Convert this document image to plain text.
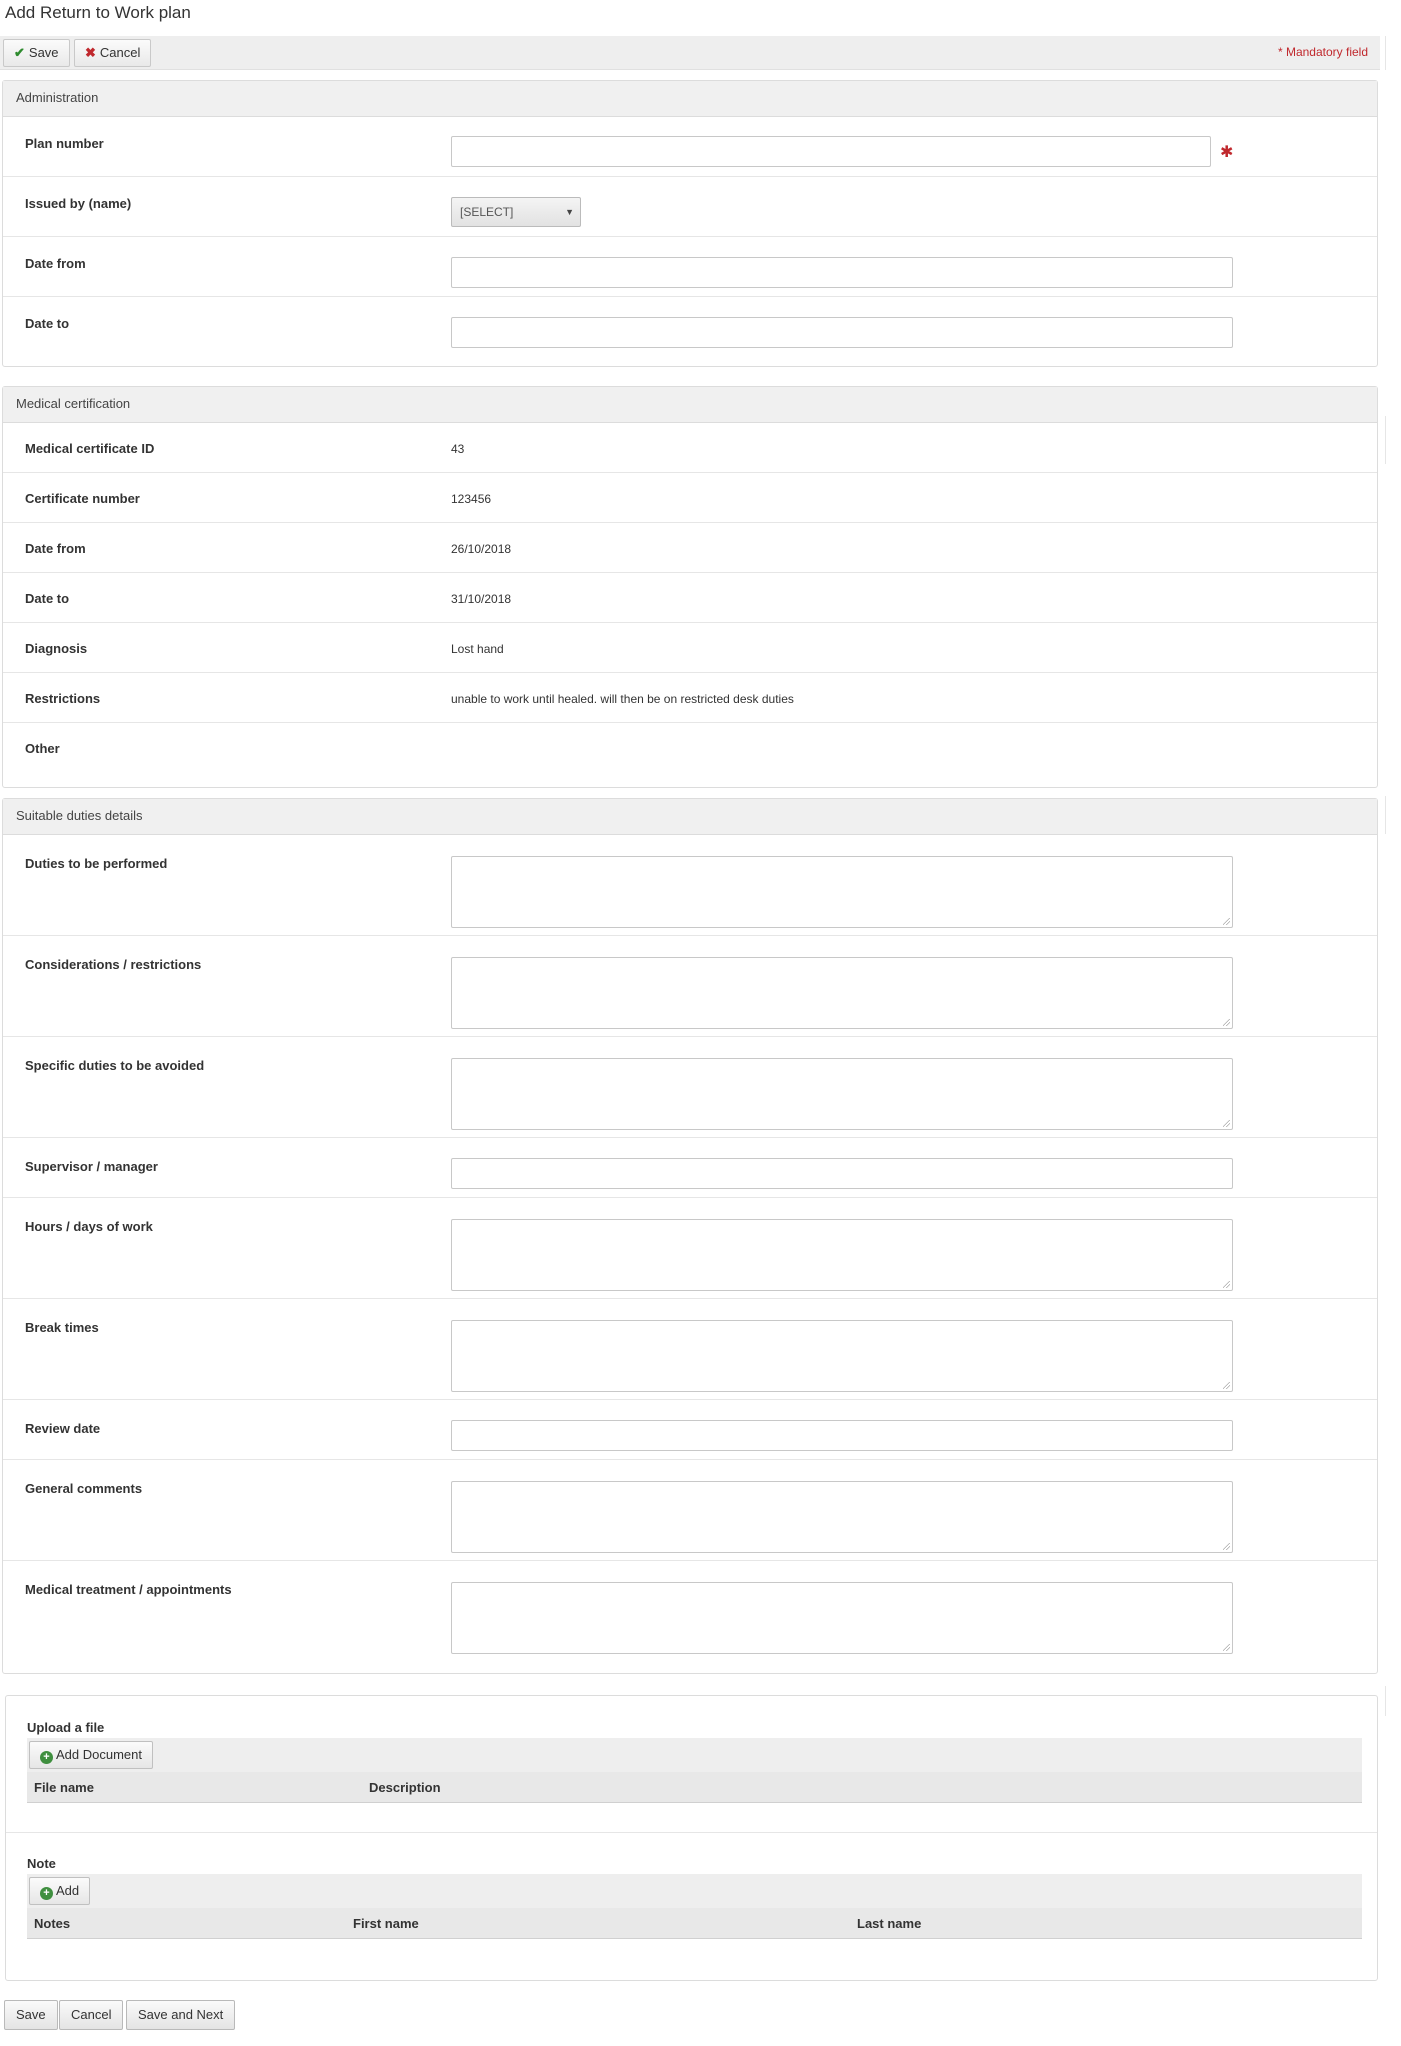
Add Return to Work plan
✔ Save	✖ Cancel	* Mandatory field
Administration
Plan number
✱
Issued by (name)
[SELECT]	▼
Date from
Date to
Medical certification
Medical certificate ID	43
Certificate number	123456
Date from	26/10/2018
Date to	31/10/2018
Diagnosis	Lost hand
Restrictions	unable to work until healed. will then be on restricted desk duties
Other
Suitable duties details
Duties to be performed
Considerations / restrictions
Specific duties to be avoided
Supervisor / manager
Hours / days of work
Break times
Review date
General comments
Medical treatment / appointments
Upload a file
+ Add Document
File name	Description
Note
+ Add
Notes	First name	Last name
Save	Cancel	Save and Next
